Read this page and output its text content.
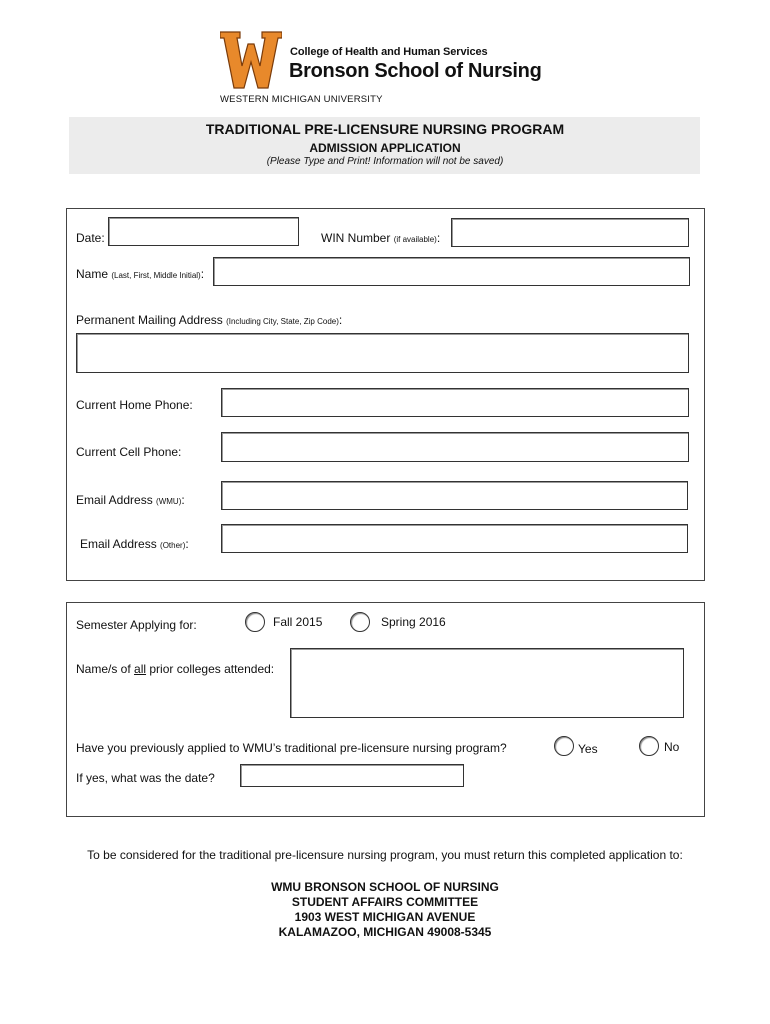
College of Health and Human Services
Bronson School of Nursing
WESTERN MICHIGAN UNIVERSITY
TRADITIONAL PRE-LICENSURE NURSING PROGRAM
ADMISSION APPLICATION
(Please Type and Print! Information will not be saved)
Date:	WIN Number (if available):
Name (Last, First, Middle Initial):
Permanent Mailing Address (Including City, State, Zip Code):
Current Home Phone:
Current Cell Phone:
Email Address (WMU):
Email Address (Other):
Semester Applying for:	Fall 2015	Spring 2016
Name/s of all prior colleges attended:
Have you previously applied to WMU’s traditional pre-licensure nursing program?	Yes	No
If yes, what was the date?
To be considered for the traditional pre-licensure nursing program, you must return this completed application to:
WMU BRONSON SCHOOL OF NURSING
STUDENT AFFAIRS COMMITTEE
1903 WEST MICHIGAN AVENUE
KALAMAZOO, MICHIGAN 49008-5345
